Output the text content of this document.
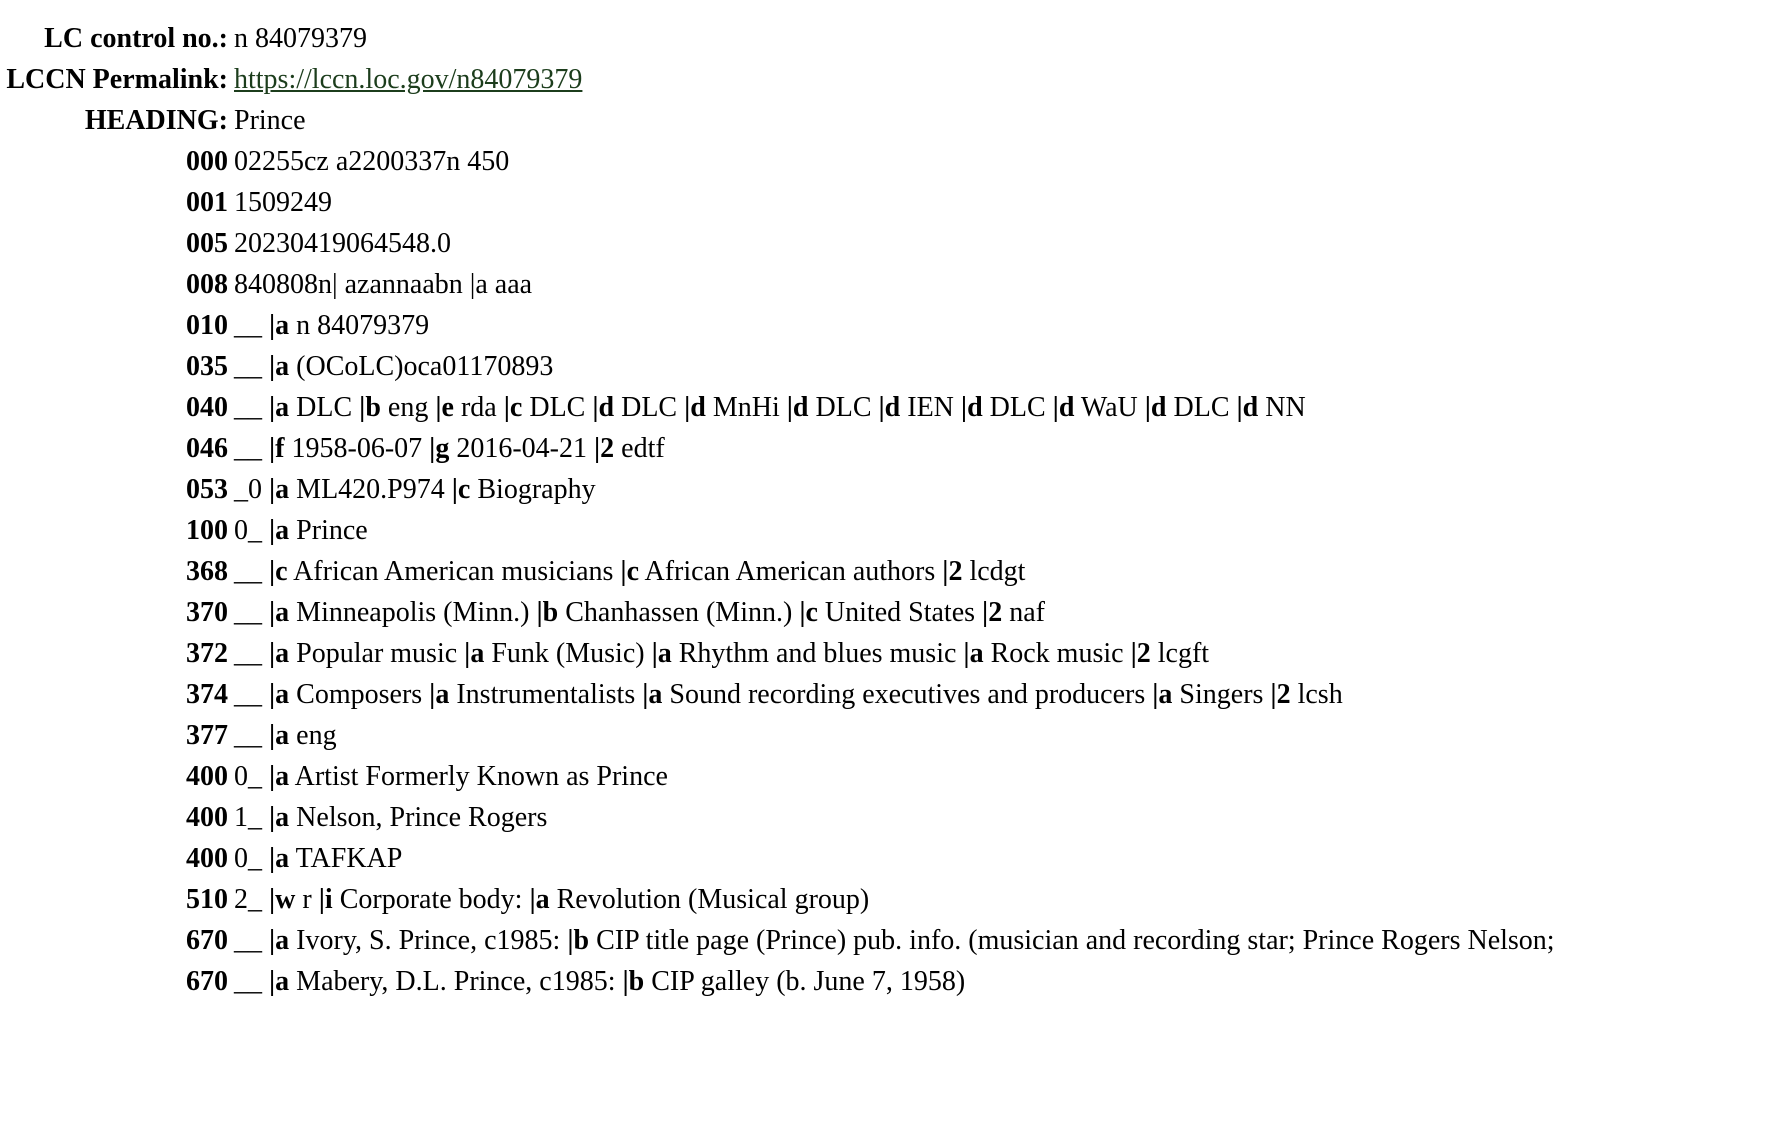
LC control no.:	n 84079379
LCCN Permalink:	https://lccn.loc.gov/n84079379
HEADING:	Prince
000	02255cz a2200337n 450
001	1509249
005	20230419064548.0
008	840808n| azannaabn |a aaa
010	__ |a n 84079379
035	__ |a (OCoLC)oca01170893
040	__ |a DLC |b eng |e rda |c DLC |d DLC |d MnHi |d DLC |d IEN |d DLC |d WaU |d DLC |d NN
046	__ |f 1958-06-07 |g 2016-04-21 |2 edtf
053	_0 |a ML420.P974 |c Biography
100	0_ |a Prince
368	__ |c African American musicians |c African American authors |2 lcdgt
370	__ |a Minneapolis (Minn.) |b Chanhassen (Minn.) |c United States |2 naf
372	__ |a Popular music |a Funk (Music) |a Rhythm and blues music |a Rock music |2 lcgft
374	__ |a Composers |a Instrumentalists |a Sound recording executives and producers |a Singers |2 lcsh
377	__ |a eng
400	0_ |a Artist Formerly Known as Prince
400	1_ |a Nelson, Prince Rogers
400	0_ |a TAFKAP
510	2_ |w r |i Corporate body: |a Revolution (Musical group)
670	__ |a Ivory, S. Prince, c1985: |b CIP title page (Prince) pub. info. (musician and recording star; Prince Rogers Nelson;
670	__ |a Mabery, D.L. Prince, c1985: |b CIP galley (b. June 7, 1958)
